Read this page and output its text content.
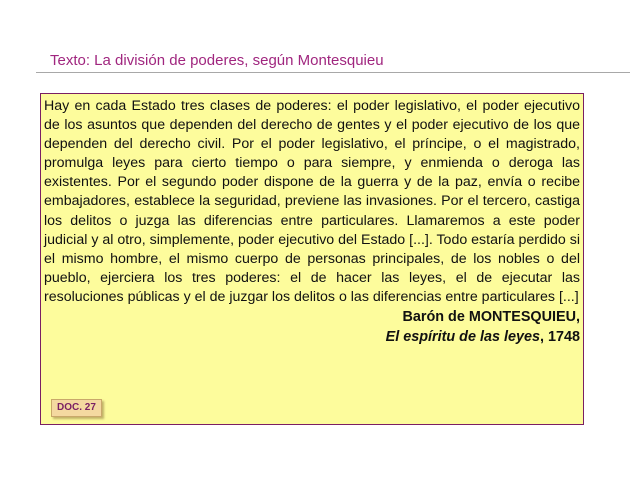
Texto: La división de poderes, según Montesquieu

Hay en cada Estado tres clases de poderes: el poder legislativo, el poder ejecutivo de los asuntos que dependen del derecho de gentes y el poder ejecutivo de los que dependen del derecho civil. Por el poder legislativo, el príncipe, o el magistrado, promulga leyes para cierto tiempo o para siempre, y enmienda o deroga las existentes. Por el segundo poder dispone de la guerra y de la paz, envía o recibe embajadores, establece la seguridad, previene las invasiones. Por el tercero, castiga los delitos o juzga las diferencias entre particulares. Llamaremos a este poder judicial y al otro, simplemente, poder ejecutivo del Estado [...]. Todo estaría perdido si el mismo hombre, el mismo cuerpo de personas principales, de los nobles o del pueblo, ejerciera los tres poderes: el de hacer las leyes, el de ejecutar las resoluciones públicas y el de juzgar los delitos o las diferencias entre particulares [...]

Barón de MONTESQUIEU,

El espíritu de las leyes, 1748

DOC. 27
